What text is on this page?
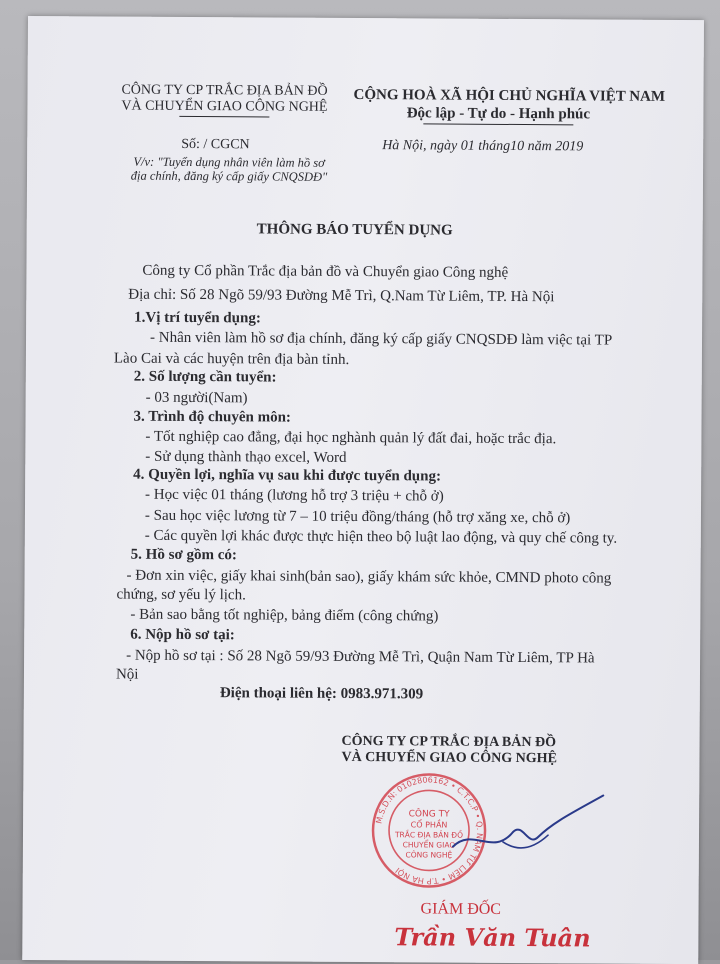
CÔNG TY CP TRẮC ĐỊA BẢN ĐỒ
VÀ CHUYỂN GIAO CÔNG NGHỆ
CỘNG HOÀ XÃ HỘI CHỦ NGHĨA VIỆT NAM
Độc lập - Tự do - Hạnh phúc
Số: / CGCN	Hà Nội, ngày 01 tháng10 năm 2019
V/v: "Tuyển dụng nhân viên làm hồ sơ
địa chính, đăng ký cấp giấy CNQSDĐ"
THÔNG BÁO TUYỂN DỤNG
Công ty Cổ phần Trắc địa bản đồ và Chuyển giao Công nghệ
Địa chỉ: Số 28 Ngõ 59/93 Đường Mễ Trì, Q.Nam Từ Liêm, TP. Hà Nội
1.Vị trí tuyển dụng:
- Nhân viên làm hồ sơ địa chính, đăng ký cấp giấy CNQSDĐ làm việc tại TP
Lào Cai và các huyện trên địa bàn tỉnh.
2. Số lượng cần tuyển:
- 03 người(Nam)
3. Trình độ chuyên môn:
- Tốt nghiệp cao đẳng, đại học nghành quản lý đất đai, hoặc trắc địa.
- Sử dụng thành thạo excel, Word
4. Quyền lợi, nghĩa vụ sau khi được tuyển dụng:
- Học việc 01 tháng (lương hỗ trợ 3 triệu + chỗ ở)
- Sau học việc lương từ 7 – 10 triệu đồng/tháng (hỗ trợ xăng xe, chỗ ở)
- Các quyền lợi khác được thực hiện theo bộ luật lao động, và quy chế công ty.
5. Hồ sơ gồm có:
- Đơn xin việc, giấy khai sinh(bản sao), giấy khám sức khỏe, CMND photo công
chứng, sơ yếu lý lịch.
- Bản sao bằng tốt nghiệp, bảng điểm (công chứng)
6. Nộp hồ sơ tại:
- Nộp hồ sơ tại : Số 28 Ngõ 59/93 Đường Mễ Trì, Quận Nam Từ Liêm, TP Hà
Nội
Điện thoại liên hệ: 0983.971.309
CÔNG TY CP TRẮC ĐỊA BẢN ĐỒ
VÀ CHUYỂN GIAO CÔNG NGHỆ
M.S.D.N: 0102806162 • C.T.C.P • Q. NAM TỪ LIÊM • T.P HÀ NỘI
CÔNG TY
CỔ PHẦN
TRẮC ĐỊA BẢN ĐỒ
CHUYỂN GIAO
CÔNG NGHỆ
GIÁM ĐỐC
Trần Văn Tuân
